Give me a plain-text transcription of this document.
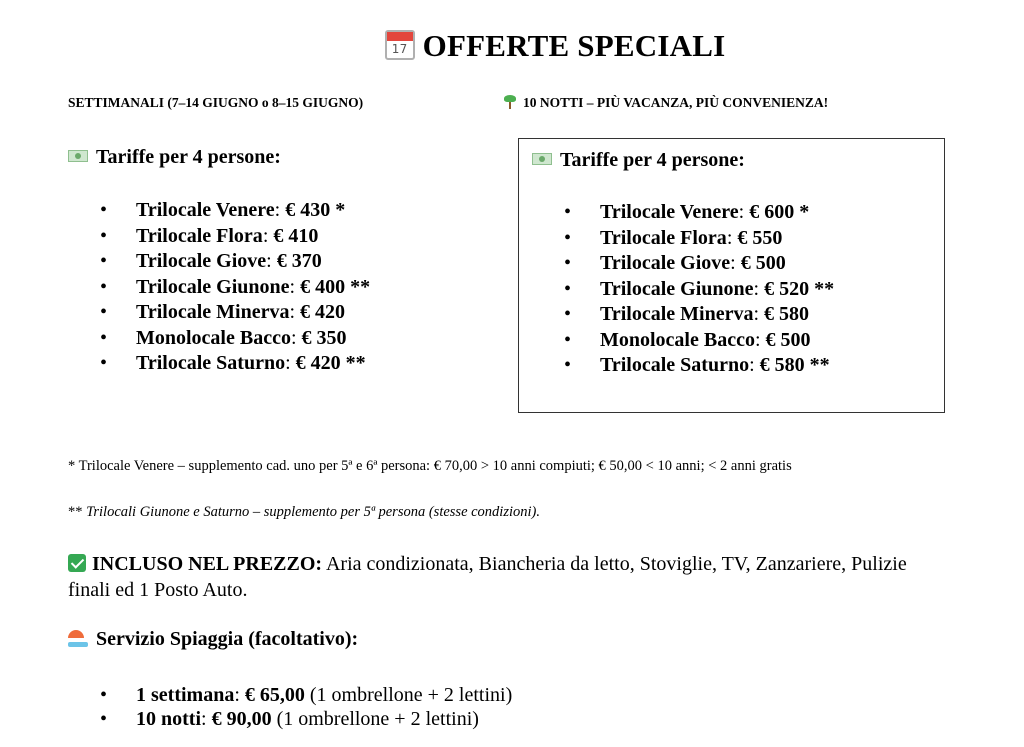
17 OFFERTE SPECIALI
SETTIMANALI (7–14 GIUGNO o 8–15 GIUGNO)	10 NOTTI – PIÙ VACANZA, PIÙ CONVENIENZA!
Tariffe per 4 persone:
• Trilocale Venere: € 430 *
• Trilocale Flora: € 410
• Trilocale Giove: € 370
• Trilocale Giunone: € 400 **
• Trilocale Minerva: € 420
• Monolocale Bacco: € 350
• Trilocale Saturno: € 420 **
Tariffe per 4 persone:
• Trilocale Venere: € 600 *
• Trilocale Flora: € 550
• Trilocale Giove: € 500
• Trilocale Giunone: € 520 **
• Trilocale Minerva: € 580
• Monolocale Bacco: € 500
• Trilocale Saturno: € 580 **
* Trilocale Venere – supplemento cad. uno per 5ª e 6ª persona: € 70,00 > 10 anni compiuti; € 50,00 < 10 anni; < 2 anni gratis
** Trilocali Giunone e Saturno – supplemento per 5ª persona (stesse condizioni).
INCLUSO NEL PREZZO: Aria condizionata, Biancheria da letto, Stoviglie, TV, Zanzariere, Pulizie finali ed 1 Posto Auto.
Servizio Spiaggia (facoltativo):
• 1 settimana: € 65,00 (1 ombrellone + 2 lettini)
• 10 notti: € 90,00 (1 ombrellone + 2 lettini)
